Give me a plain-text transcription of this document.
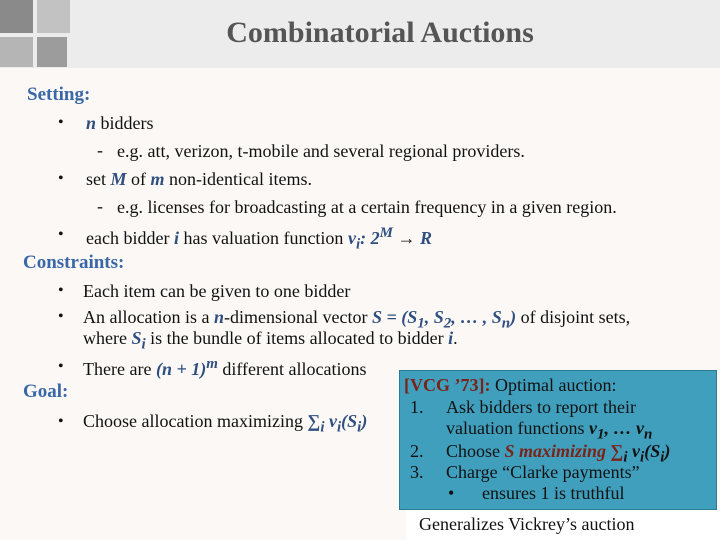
Combinatorial Auctions
Setting:
• n bidders
- e.g. att, verizon, t-mobile and several regional providers.
• set M of m non-identical items.
- e.g. licenses for broadcasting at a certain frequency in a given region.
• each bidder i has valuation function $v_i$: $2^M \to R$
Constraints:
• Each item can be given to one bidder
• An allocation is a n-dimensional vector $S = (S_1$, $S_2$, … , $S_n$) of disjoint sets,
where $S_i$ is the bundle of items allocated to bidder i.
• There are $(n + 1)^m$ different allocations
Goal:
• Choose allocation maximizing $\sum_i$ $v_i(S_i)$
[VCG ’73]: Optimal auction:
1. Ask bidders to report their
valuation functions $v_1$, … $v_n$
2. Choose S maximizing $\sum_i$ $v_i(S_i)$
3. Charge “Clarke payments”
• ensures 1 is truthful
Generalizes Vickrey’s auction
